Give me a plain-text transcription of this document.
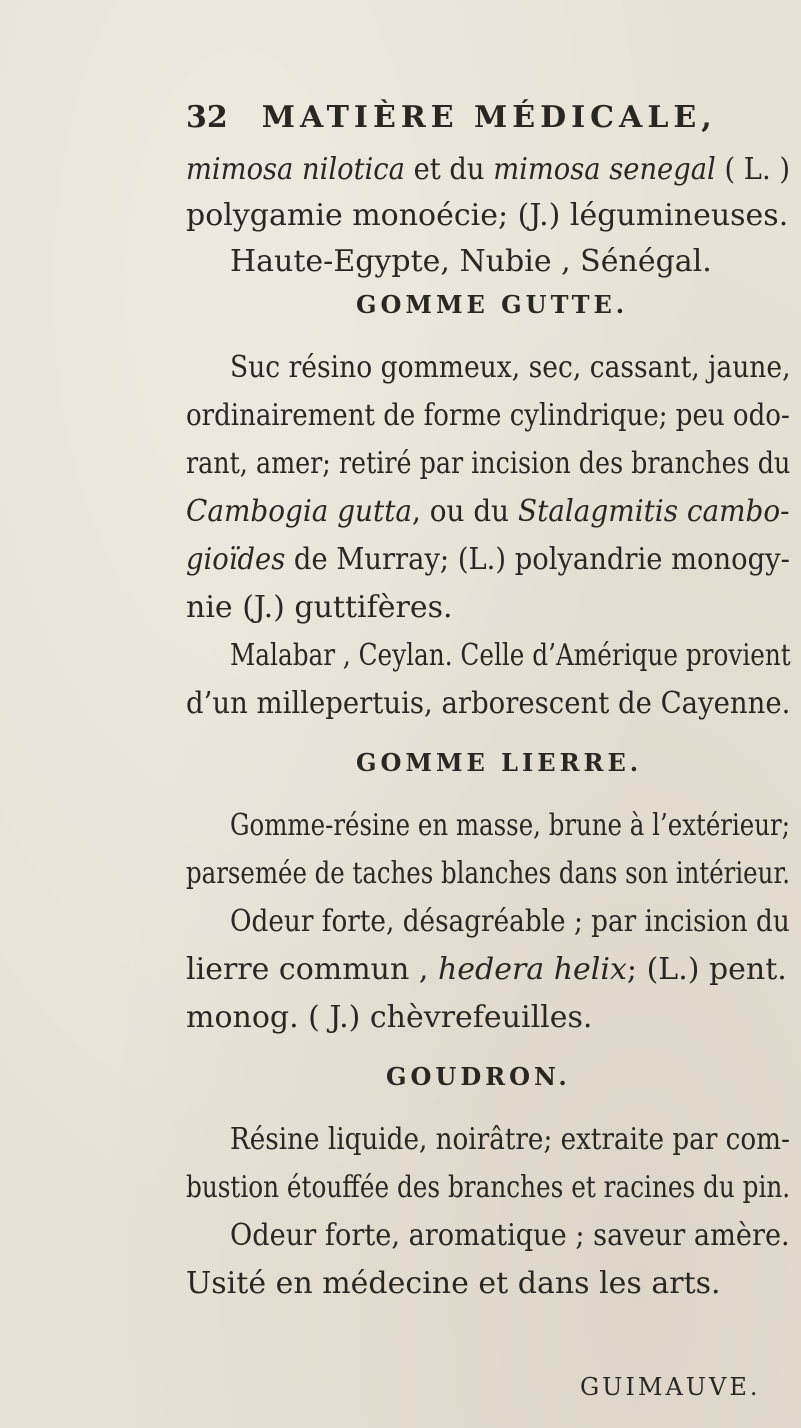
32 MATIÈRE MÉDICALE,
mimosa nilotica et du mimosa senegal ( L. )
polygamie monoécie; (J.) légumineuses.
Haute-Egypte, Nubie , Sénégal.
GOMME GUTTE.
Suc résino gommeux, sec, cassant, jaune,
ordinairement de forme cylindrique; peu odo-
rant, amer; retiré par incision des branches du
Cambogia gutta, ou du Stalagmitis cambo-
gioïdes de Murray; (L.) polyandrie monogy-
nie (J.) guttifères.
Malabar , Ceylan. Celle d’Amérique provient
d’un millepertuis, arborescent de Cayenne.
GOMME LIERRE.
Gomme-résine en masse, brune à l’extérieur;
parsemée de taches blanches dans son intérieur.
Odeur forte, désagréable ; par incision du
lierre commun , hedera helix; (L.) pent.
monog. ( J.) chèvrefeuilles.
GOUDRON.
Résine liquide, noirâtre; extraite par com-
bustion étouffée des branches et racines du pin.
Odeur forte, aromatique ; saveur amère.
Usité en médecine et dans les arts.
GUIMAUVE.
